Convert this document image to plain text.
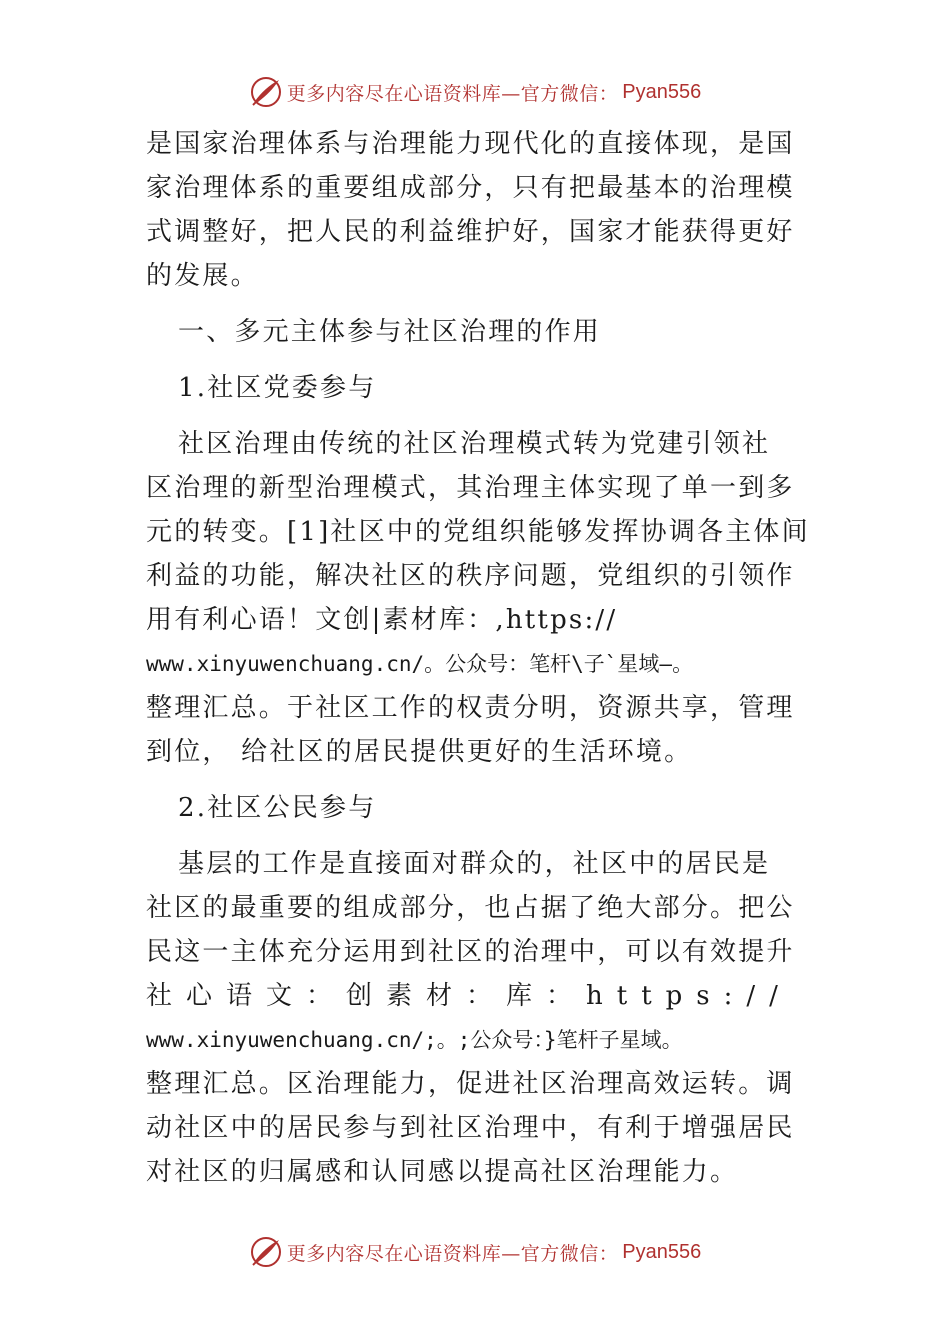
更多内容尽在心语资料库—官方微信： Pyan556
是国家治理体系与治理能力现代化的直接体现，是国
家治理体系的重要组成部分，只有把最基本的治理模
式调整好，把人民的利益维护好，国家才能获得更好
的发展。
一、多元主体参与社区治理的作用
1.社区党委参与
社区治理由传统的社区治理模式转为党建引领社
区治理的新型治理模式，其治理主体实现了单一到多
元的转变。[1]社区中的党组织能够发挥协调各主体间
利益的功能，解决社区的秩序问题，党组织的引领作
用有利心语！文创|素材库：,https://
www.xinyuwenchuang.cn/。公众号：笔杆\子`星域—。
整理汇总。于社区工作的权责分明，资源共享，管理
到位， 给社区的居民提供更好的生活环境。
2.社区公民参与
基层的工作是直接面对群众的，社区中的居民是
社区的最重要的组成部分，也占据了绝大部分。把公
民这一主体充分运用到社区的治理中，可以有效提升
社心语文：创素材：库：https://
www.xinyuwenchuang.cn/;。;公众号：}笔杆子星域。
整理汇总。区治理能力，促进社区治理高效运转。调
动社区中的居民参与到社区治理中，有利于增强居民
对社区的归属感和认同感以提高社区治理能力。
更多内容尽在心语资料库—官方微信： Pyan556
